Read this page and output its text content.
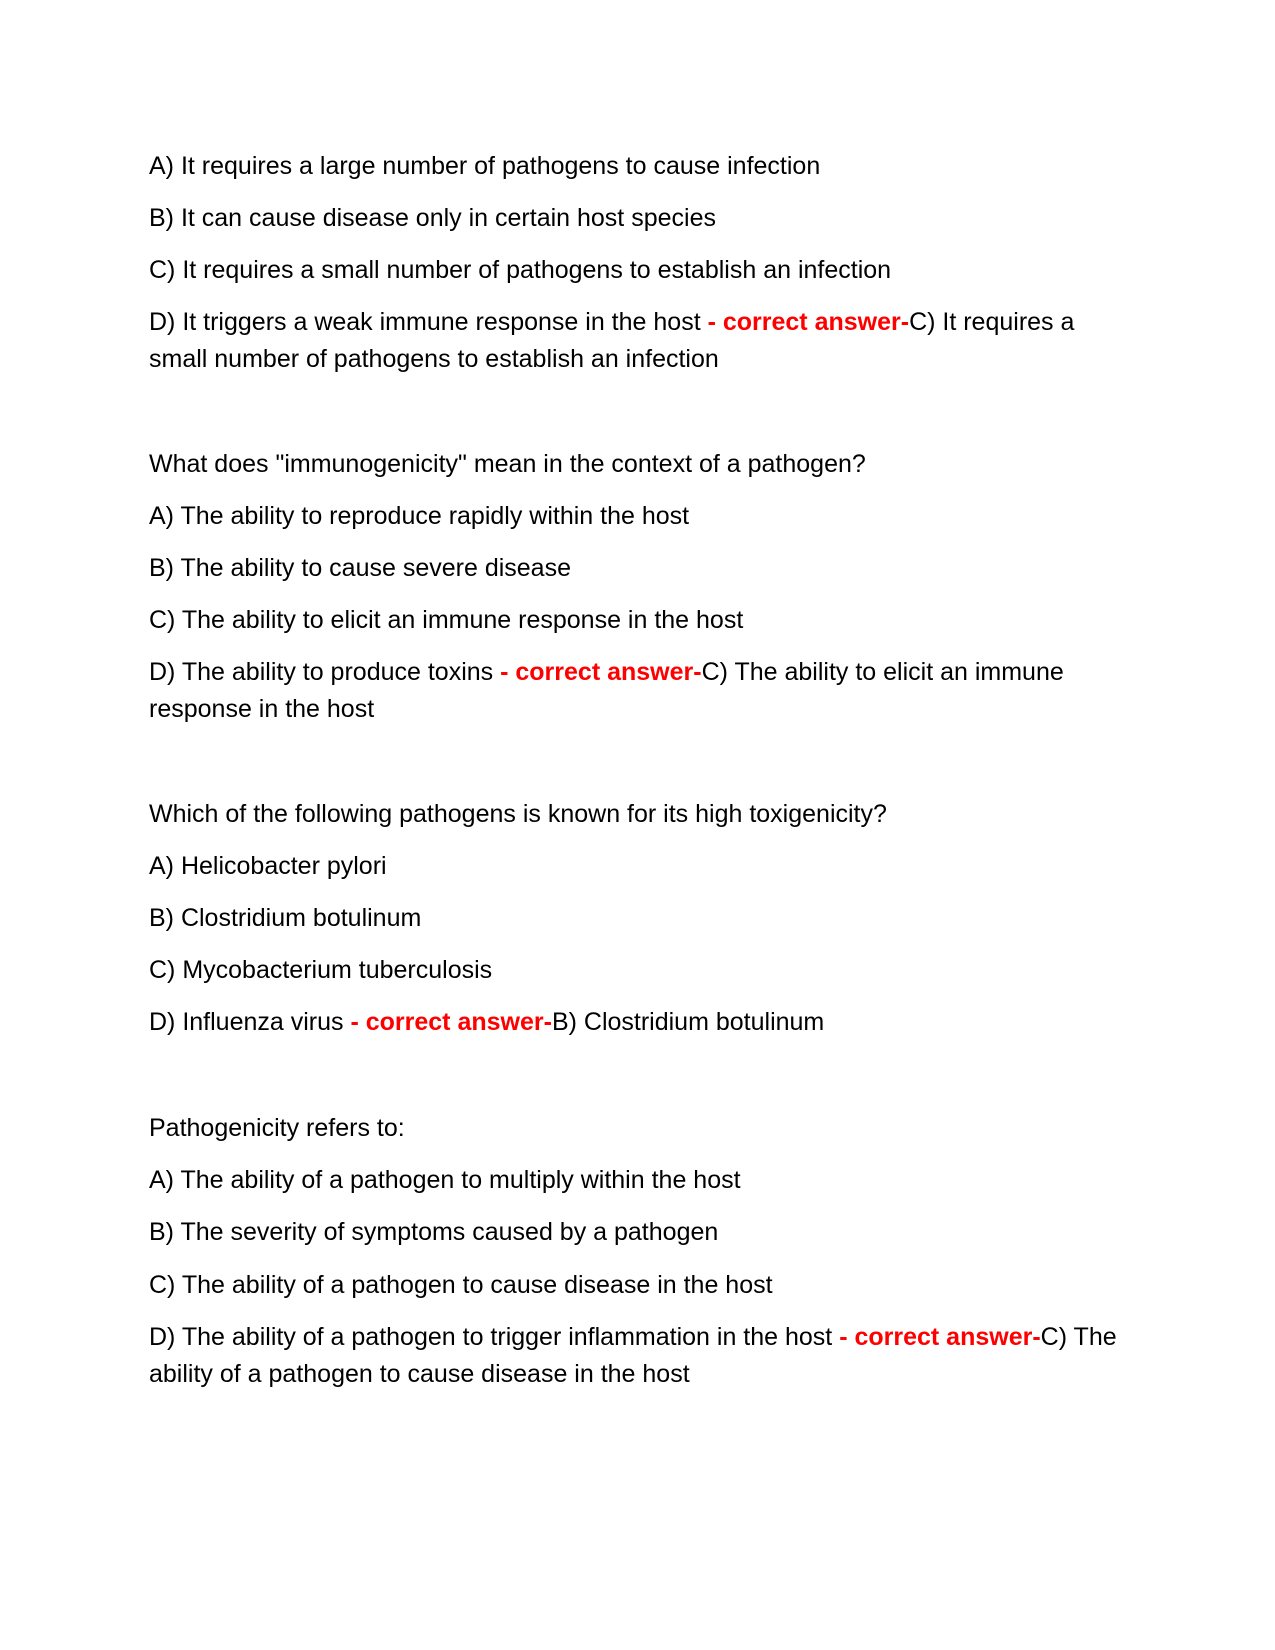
A) It requires a large number of pathogens to cause infection

B) It can cause disease only in certain host species

C) It requires a small number of pathogens to establish an infection

D) It triggers a weak immune response in the host - correct answer-C) It requires a small number of pathogens to establish an infection

What does "immunogenicity" mean in the context of a pathogen?

A) The ability to reproduce rapidly within the host

B) The ability to cause severe disease

C) The ability to elicit an immune response in the host

D) The ability to produce toxins - correct answer-C) The ability to elicit an immune response in the host

Which of the following pathogens is known for its high toxigenicity?

A) Helicobacter pylori

B) Clostridium botulinum

C) Mycobacterium tuberculosis

D) Influenza virus - correct answer-B) Clostridium botulinum

Pathogenicity refers to:

A) The ability of a pathogen to multiply within the host

B) The severity of symptoms caused by a pathogen

C) The ability of a pathogen to cause disease in the host

D) The ability of a pathogen to trigger inflammation in the host - correct answer-C) The ability of a pathogen to cause disease in the host
